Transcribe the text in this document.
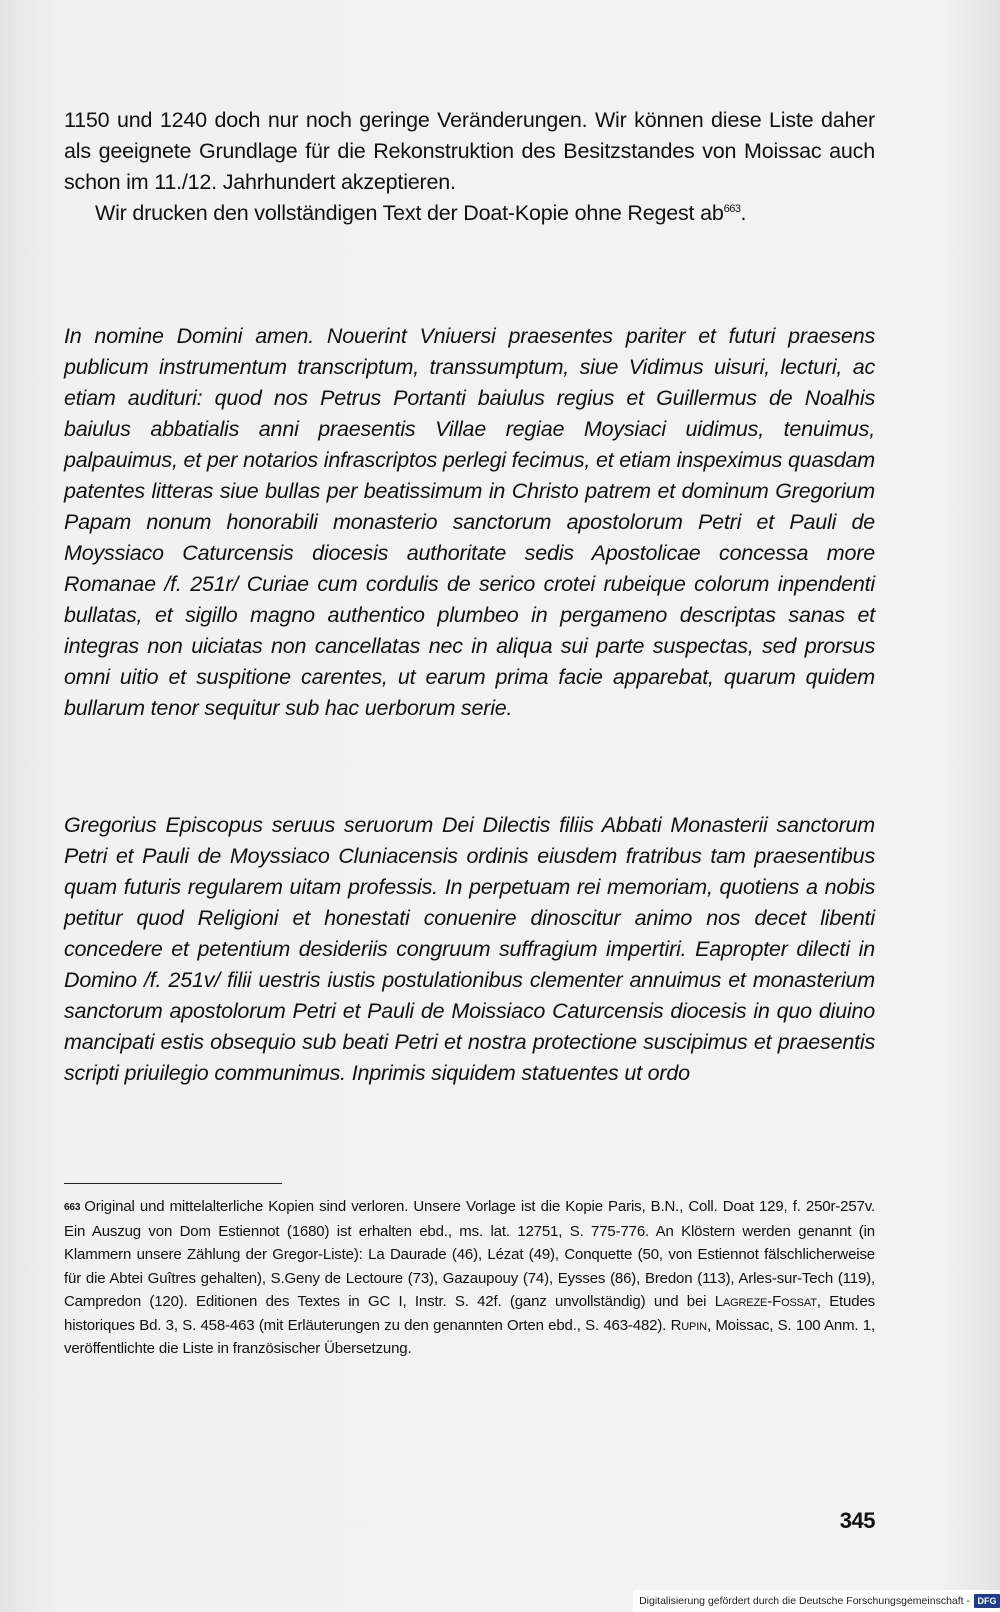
1150 und 1240 doch nur noch geringe Veränderungen. Wir können diese Liste daher als geeignete Grundlage für die Rekonstruktion des Besitzstandes von Moissac auch schon im 11./12. Jahrhundert akzeptieren.

Wir drucken den vollständigen Text der Doat-Kopie ohne Regest ab$^{663}$.

In nomine Domini amen. Nouerint Vniuersi praesentes pariter et futuri praesens publicum instrumentum transcriptum, transsumptum, siue Vidimus uisuri, lecturi, ac etiam audituri: quod nos Petrus Portanti baiulus regius et Guillermus de Noalhis baiulus abbatialis anni praesentis Villae regiae Moysiaci uidimus, tenuimus, palpauimus, et per notarios infrascriptos perlegi fecimus, et etiam inspeximus quasdam patentes litteras siue bullas per beatissimum in Christo patrem et dominum Gregorium Papam nonum honorabili monasterio sanctorum apostolorum Petri et Pauli de Moyssiaco Caturcensis diocesis authoritate sedis Apostolicae concessa more Romanae /f. 251r/ Curiae cum cordulis de serico crotei rubeique colorum inpendenti bullatas, et sigillo magno authentico plumbeo in pergameno descriptas sanas et integras non uiciatas non cancellatas nec in aliqua sui parte suspectas, sed prorsus omni uitio et suspitione carentes, ut earum prima facie apparebat, quarum quidem bullarum tenor sequitur sub hac uerborum serie.

Gregorius Episcopus seruus seruorum Dei Dilectis filiis Abbati Monasterii sanctorum Petri et Pauli de Moyssiaco Cluniacensis ordinis eiusdem fratribus tam praesentibus quam futuris regularem uitam professis. In perpetuam rei memoriam, quotiens a nobis petitur quod Religioni et honestati conuenire dinoscitur animo nos decet libenti concedere et petentium desideriis congruum suffragium impertiri. Eapropter dilecti in Domino /f. 251v/ filii uestris iustis postulationibus clementer annuimus et monasterium sanctorum apostolorum Petri et Pauli de Moissiaco Caturcensis diocesis in quo diuino mancipati estis obsequio sub beati Petri et nostra protectione suscipimus et praesentis scripti priuilegio communimus. Inprimis siquidem statuentes ut ordo

663 Original und mittelalterliche Kopien sind verloren. Unsere Vorlage ist die Kopie Paris, B.N., Coll. Doat 129, f. 250r-257v. Ein Auszug von Dom Estiennot (1680) ist erhalten ebd., ms. lat. 12751, S. 775-776. An Klöstern werden genannt (in Klammern unsere Zählung der Gregor-Liste): La Daurade (46), Lézat (49), Conquette (50, von Estiennot fälschlicherweise für die Abtei Guîtres gehalten), S.Geny de Lectoure (73), Gazaupouy (74), Eysses (86), Bredon (113), Arles-sur-Tech (119), Campredon (120). Editionen des Textes in GC I, Instr. S. 42f. (ganz unvollständig) und bei Lagreze-Fossat, Etudes historiques Bd. 3, S. 458-463 (mit Erläuterungen zu den genannten Orten ebd., S. 463-482). Rupin, Moissac, S. 100 Anm. 1, veröffentlichte die Liste in französischer Übersetzung.
345
Digitalisierung gefördert durch die Deutsche Forschungsgemeinschaft - DFG
